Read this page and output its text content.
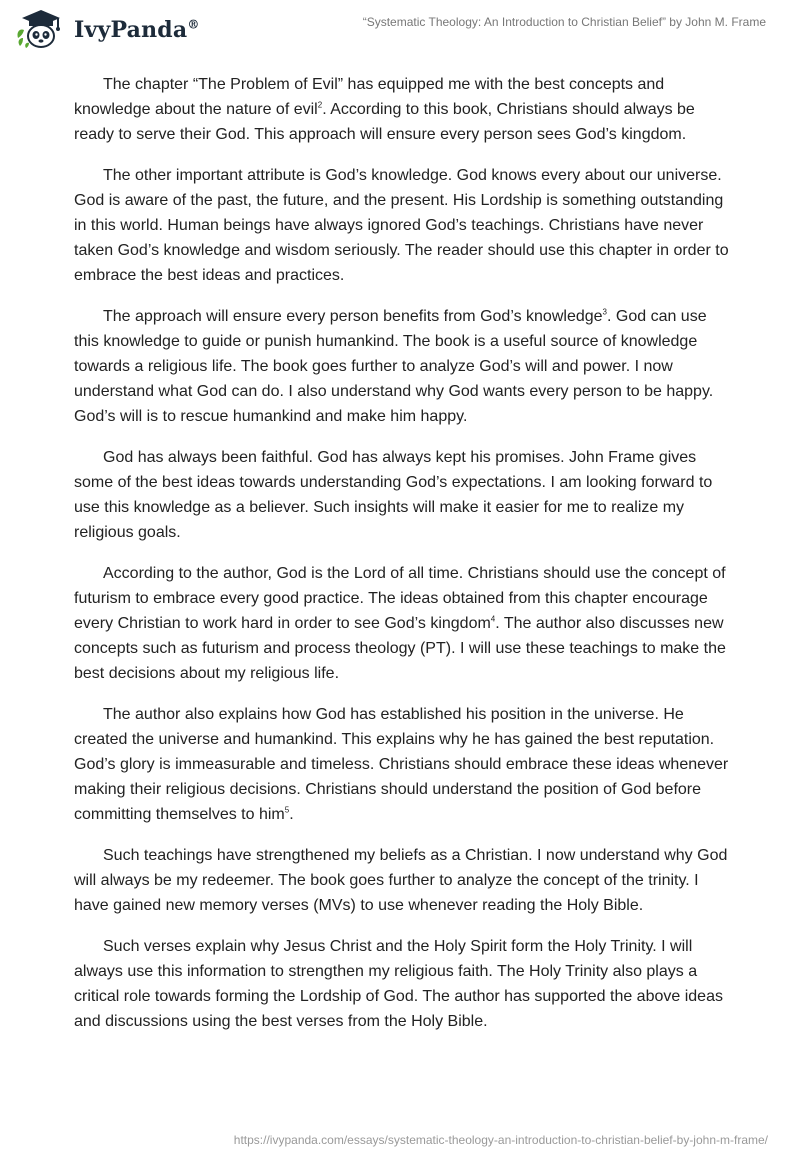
IvyPanda®	“Systematic Theology: An Introduction to Christian Belief” by John M. Frame

The chapter “The Problem of Evil” has equipped me with the best concepts and knowledge about the nature of evil$^2$. According to this book, Christians should always be ready to serve their God. This approach will ensure every person sees God’s kingdom.

The other important attribute is God’s knowledge. God knows every about our universe. God is aware of the past, the future, and the present. His Lordship is something outstanding in this world. Human beings have always ignored God’s teachings. Christians have never taken God’s knowledge and wisdom seriously. The reader should use this chapter in order to embrace the best ideas and practices.

The approach will ensure every person benefits from God’s knowledge$^3$. God can use this knowledge to guide or punish humankind. The book is a useful source of knowledge towards a religious life. The book goes further to analyze God’s will and power. I now understand what God can do. I also understand why God wants every person to be happy. God’s will is to rescue humankind and make him happy.

God has always been faithful. God has always kept his promises. John Frame gives some of the best ideas towards understanding God’s expectations. I am looking forward to use this knowledge as a believer. Such insights will make it easier for me to realize my religious goals.

According to the author, God is the Lord of all time. Christians should use the concept of futurism to embrace every good practice. The ideas obtained from this chapter encourage every Christian to work hard in order to see God’s kingdom$^4$. The author also discusses new concepts such as futurism and process theology (PT). I will use these teachings to make the best decisions about my religious life.

The author also explains how God has established his position in the universe. He created the universe and humankind. This explains why he has gained the best reputation. God’s glory is immeasurable and timeless. Christians should embrace these ideas whenever making their religious decisions. Christians should understand the position of God before committing themselves to him$^5$.

Such teachings have strengthened my beliefs as a Christian. I now understand why God will always be my redeemer. The book goes further to analyze the concept of the trinity. I have gained new memory verses (MVs) to use whenever reading the Holy Bible.

Such verses explain why Jesus Christ and the Holy Spirit form the Holy Trinity. I will always use this information to strengthen my religious faith. The Holy Trinity also plays a critical role towards forming the Lordship of God. The author has supported the above ideas and discussions using the best verses from the Holy Bible.

https://ivypanda.com/essays/systematic-theology-an-introduction-to-christian-belief-by-john-m-frame/
